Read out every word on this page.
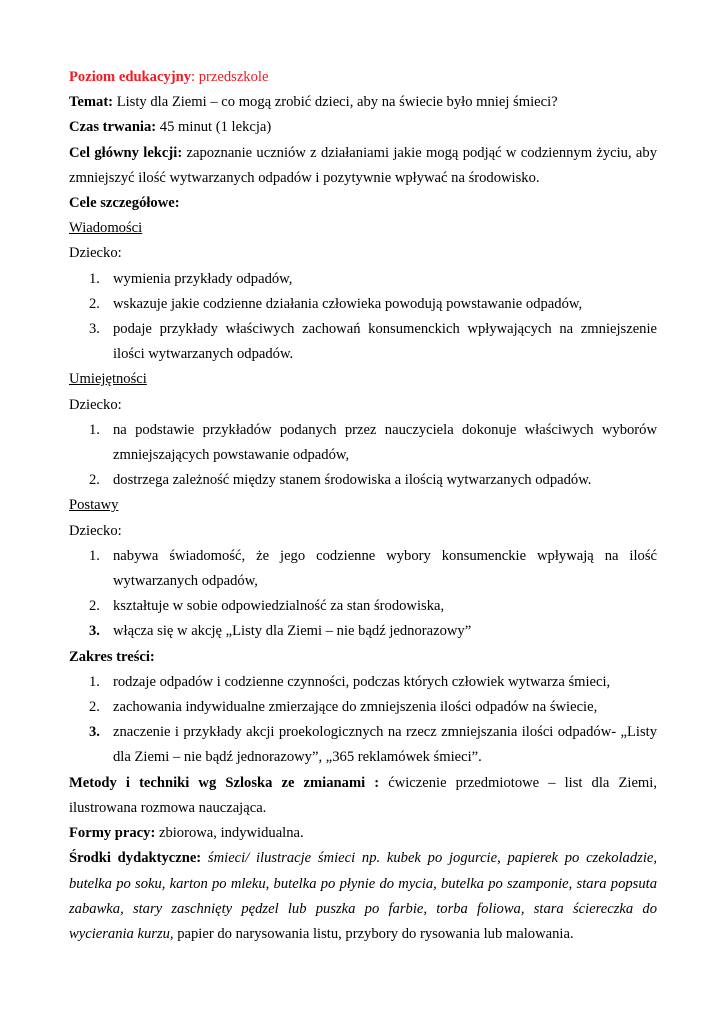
Poziom edukacyjny: przedszkole

Temat: Listy dla Ziemi – co mogą zrobić dzieci, aby na świecie było mniej śmieci?

Czas trwania: 45 minut (1 lekcja)

Cel główny lekcji: zapoznanie uczniów z działaniami jakie mogą podjąć w codziennym życiu, aby zmniejszyć ilość wytwarzanych odpadów i pozytywnie wpływać na środowisko.

Cele szczegółowe:

Wiadomości

Dziecko:

1. wymienia przykłady odpadów,
2. wskazuje jakie codzienne działania człowieka powodują powstawanie odpadów,
3. podaje przykłady właściwych zachowań konsumenckich wpływających na zmniejszenie ilości wytwarzanych odpadów.

Umiejętności

Dziecko:

1. na podstawie przykładów podanych przez nauczyciela dokonuje właściwych wyborów zmniejszających powstawanie odpadów,
2. dostrzega zależność między stanem środowiska a ilością wytwarzanych odpadów.

Postawy

Dziecko:

1. nabywa świadomość, że jego codzienne wybory konsumenckie wpływają na ilość wytwarzanych odpadów,
2. kształtuje w sobie odpowiedzialność za stan środowiska,
3. włącza się w akcję „Listy dla Ziemi – nie bądź jednorazowy”

Zakres treści:

1. rodzaje odpadów i codzienne czynności, podczas których człowiek wytwarza śmieci,
2. zachowania indywidualne zmierzające do zmniejszenia ilości odpadów na świecie,
3. znaczenie i przykłady akcji proekologicznych na rzecz zmniejszania ilości odpadów- „Listy dla Ziemi – nie bądź jednorazowy”, „365 reklamówek śmieci”.

Metody i techniki wg Szloska ze zmianami : ćwiczenie przedmiotowe – list dla Ziemi, ilustrowana rozmowa nauczająca.

Formy pracy: zbiorowa, indywidualna.

Środki dydaktyczne: śmieci/ ilustracje śmieci np. kubek po jogurcie, papierek po czekoladzie, butelka po soku, karton po mleku, butelka po płynie do mycia, butelka po szamponie, stara popsuta zabawka, stary zaschnięty pędzel lub puszka po farbie, torba foliowa, stara ściereczka do wycierania kurzu, papier do narysowania listu, przybory do rysowania lub malowania.
